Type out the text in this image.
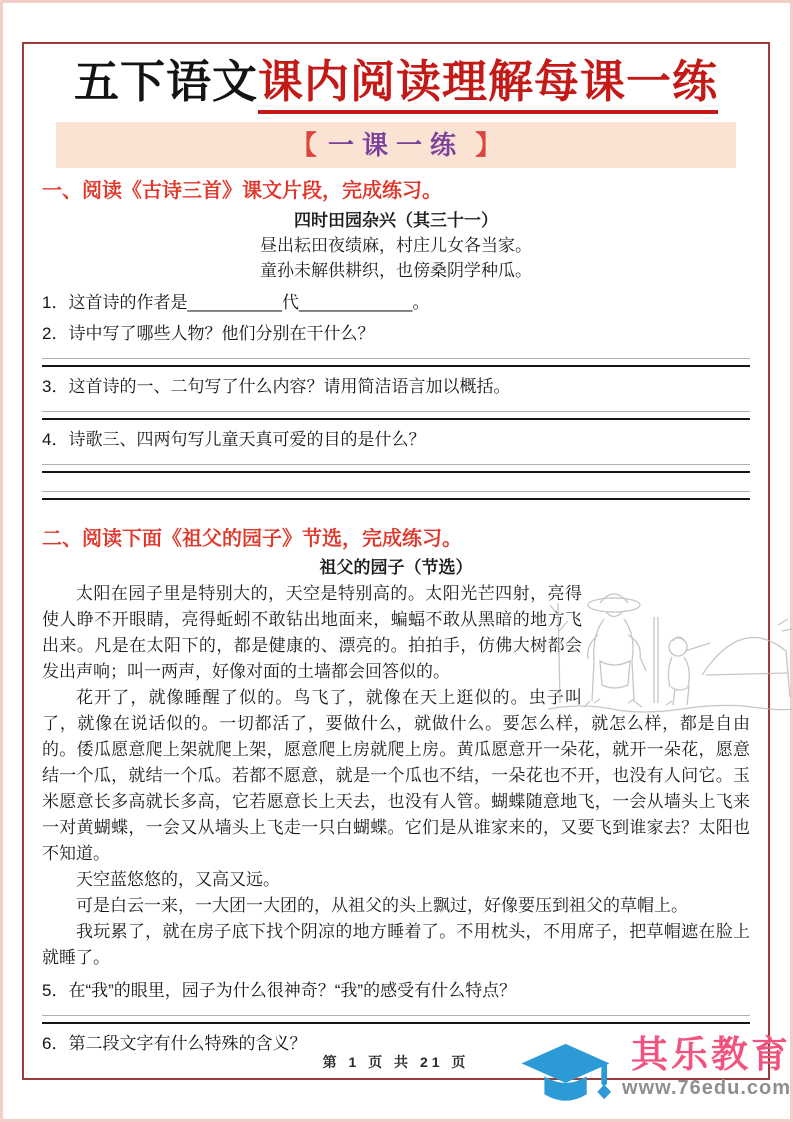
五下语文课内阅读理解每课一练
【 一课一练 】
一、阅读《古诗三首》课文片段，完成练习。
四时田园杂兴（其三十一）
昼出耘田夜绩麻，村庄儿女各当家。
童孙未解供耕织，也傍桑阴学种瓜。
1．这首诗的作者是__________代____________。
2．诗中写了哪些人物？他们分别在干什么？
3．这首诗的一、二句写了什么内容？请用简洁语言加以概括。
4．诗歌三、四两句写儿童天真可爱的目的是什么？
二、阅读下面《祖父的园子》节选，完成练习。
祖父的园子（节选）

太阳在园子里是特别大的，天空是特别高的。太阳光芒四射，亮得使人睁不开眼睛，亮得蚯蚓不敢钻出地面来，蝙蝠不敢从黑暗的地方飞出来。凡是在太阳下的，都是健康的、漂亮的。拍拍手，仿佛大树都会发出声响；叫一两声，好像对面的土墙都会回答似的。

花开了，就像睡醒了似的。鸟飞了，就像在天上逛似的。虫子叫了，就像在说话似的。一切都活了，要做什么，就做什么。要怎么样，就怎么样，都是自由的。倭瓜愿意爬上架就爬上架，愿意爬上房就爬上房。黄瓜愿意开一朵花，就开一朵花，愿意结一个瓜，就结一个瓜。若都不愿意，就是一个瓜也不结，一朵花也不开，也没有人问它。玉米愿意长多高就长多高，它若愿意长上天去，也没有人管。蝴蝶随意地飞，一会从墙头上飞来一对黄蝴蝶，一会又从墙头上飞走一只白蝴蝶。它们是从谁家来的，又要飞到谁家去？太阳也不知道。

天空蓝悠悠的，又高又远。

可是白云一来，一大团一大团的，从祖父的头上飘过，好像要压到祖父的草帽上。

我玩累了，就在房子底下找个阴凉的地方睡着了。不用枕头，不用席子，把草帽遮在脸上就睡了。

5．在“我”的眼里，园子为什么很神奇？“我”的感受有什么特点？
6．第二段文字有什么特殊的含义？
第 1 页 共 21 页	其乐教育
www.76edu.com
